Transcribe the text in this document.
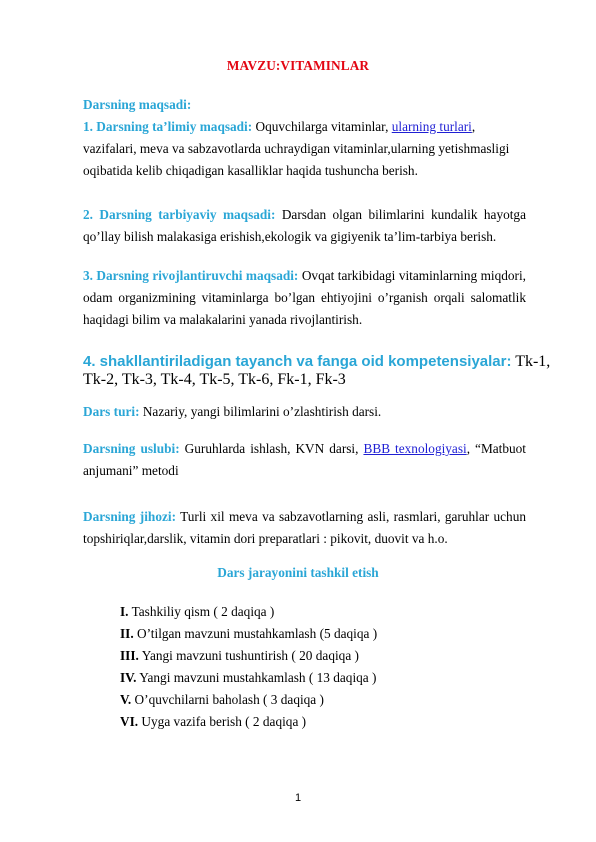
MAVZU:VITAMINLAR
Darsning maqsadi:
1. Darsning ta’limiy maqsadi: Oquvchilarga vitaminlar, ularning turlari, vazifalari, meva va sabzavotlarda uchraydigan vitaminlar,ularning yetishmasligi oqibatida kelib chiqadigan kasalliklar haqida tushuncha berish.
2. Darsning tarbiyaviy maqsadi: Darsdan olgan bilimlarini kundalik hayotga qo’llay bilish malakasiga erishish,ekologik va gigiyenik ta’lim-tarbiya berish.
3. Darsning rivojlantiruvchi maqsadi: Ovqat tarkibidagi vitaminlarning miqdori, odam organizmining vitaminlarga bo’lgan ehtiyojini o’rganish orqali salomatlik haqidagi bilim va malakalarini yanada rivojlantirish.
4. shakllantiriladigan tayanch va fanga oid kompetensiyalar: Tk-1, Tk-2, Tk-3, Tk-4, Tk-5, Tk-6, Fk-1, Fk-3
Dars turi: Nazariy, yangi bilimlarini o’zlashtirish darsi.
Darsning uslubi: Guruhlarda ishlash, KVN darsi, BBB texnologiyasi, “Matbuot anjumani” metodi
Darsning jihozi: Turli xil meva va sabzavotlarning asli, rasmlari, garuhlar uchun topshiriqlar,darslik, vitamin dori preparatlari : pikovit, duovit va h.o.
Dars jarayonini tashkil etish
I. Tashkiliy qism ( 2 daqiqa )
II. O’tilgan mavzuni mustahkamlash (5 daqiqa )
III. Yangi mavzuni tushuntirish ( 20 daqiqa )
IV. Yangi mavzuni mustahkamlash ( 13 daqiqa )
V. O’quvchilarni baholash ( 3 daqiqa )
VI. Uyga vazifa berish ( 2 daqiqa )
1
